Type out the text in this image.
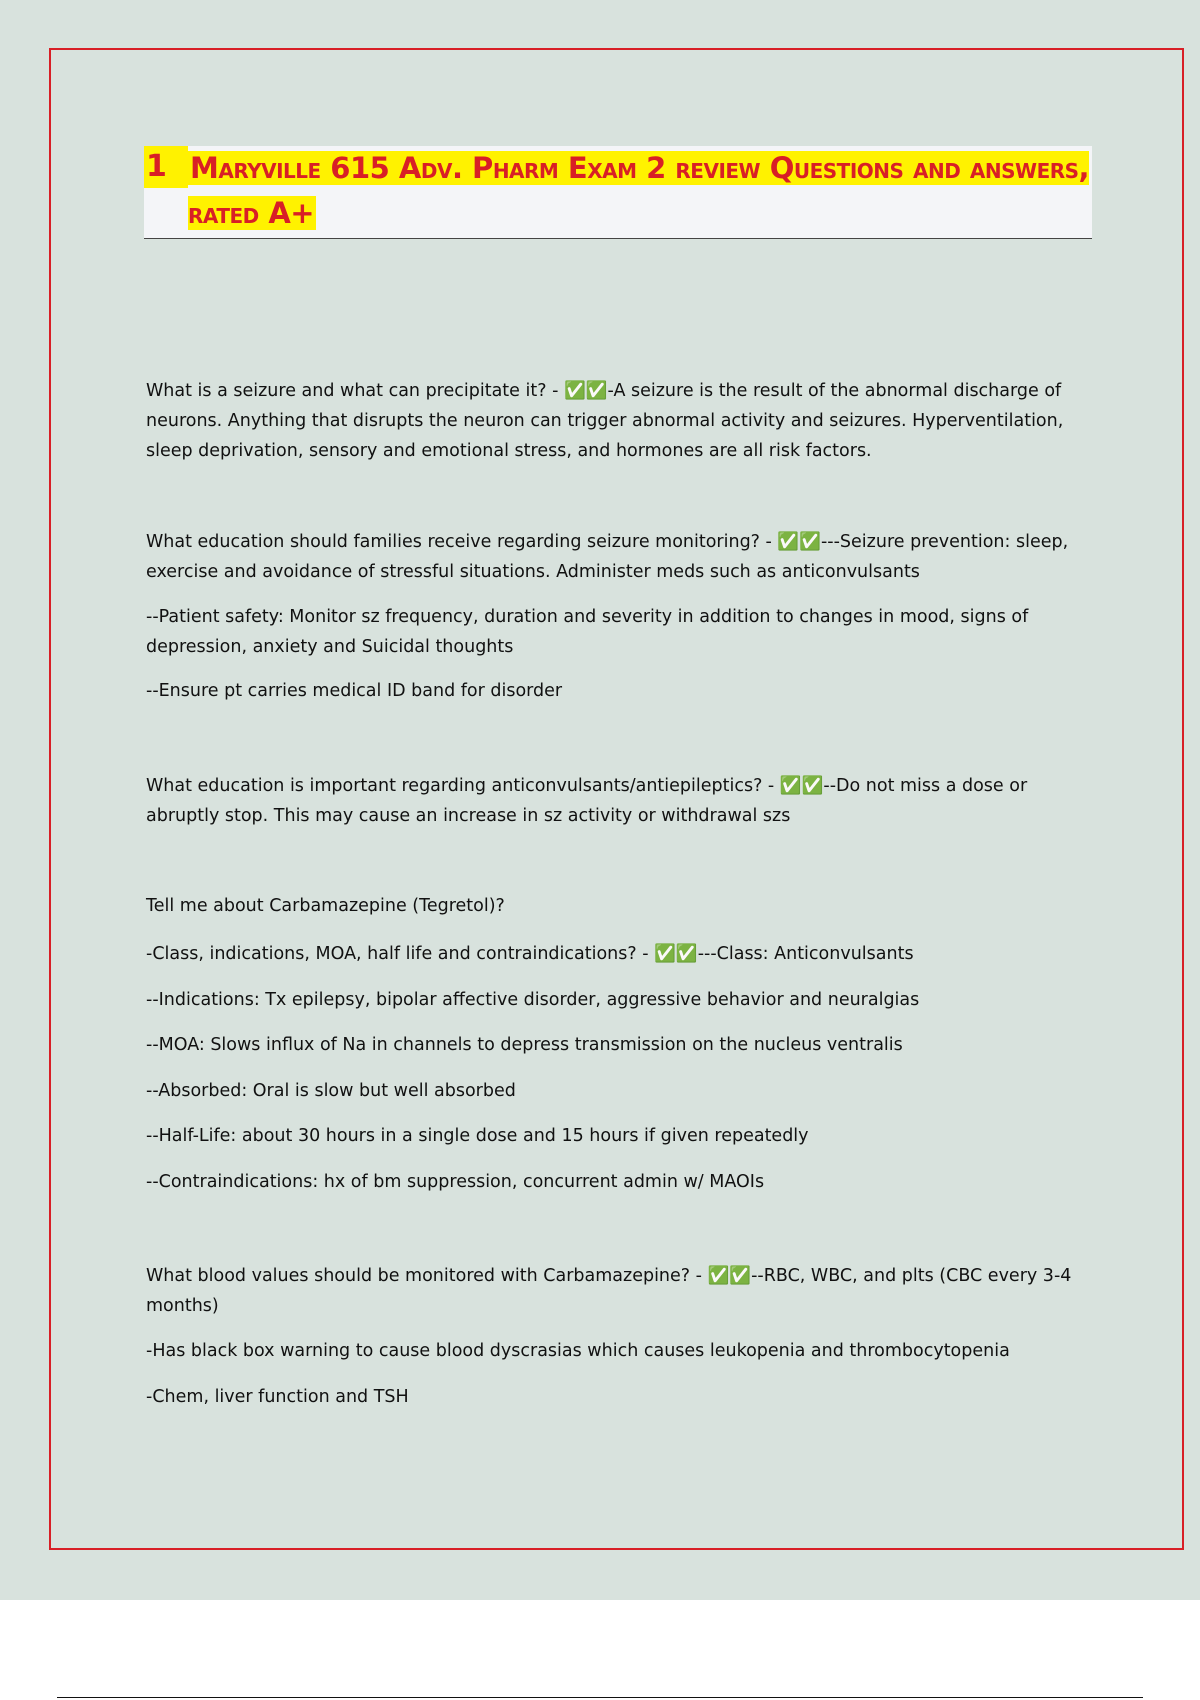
1 Maryville 615 Adv. Pharm Exam 2 review Questions and answers, rated A+

What is a seizure and what can precipitate it? - ✅✅-A seizure is the result of the abnormal discharge of neurons. Anything that disrupts the neuron can trigger abnormal activity and seizures. Hyperventilation, sleep deprivation, sensory and emotional stress, and hormones are all risk factors.

What education should families receive regarding seizure monitoring? - ✅✅---Seizure prevention: sleep, exercise and avoidance of stressful situations. Administer meds such as anticonvulsants

--Patient safety: Monitor sz frequency, duration and severity in addition to changes in mood, signs of depression, anxiety and Suicidal thoughts

--Ensure pt carries medical ID band for disorder

What education is important regarding anticonvulsants/antiepileptics? - ✅✅--Do not miss a dose or abruptly stop. This may cause an increase in sz activity or withdrawal szs

Tell me about Carbamazepine (Tegretol)?

-Class, indications, MOA, half life and contraindications? - ✅✅---Class: Anticonvulsants

--Indications: Tx epilepsy, bipolar affective disorder, aggressive behavior and neuralgias

--MOA: Slows influx of Na in channels to depress transmission on the nucleus ventralis

--Absorbed: Oral is slow but well absorbed

--Half-Life: about 30 hours in a single dose and 15 hours if given repeatedly

--Contraindications: hx of bm suppression, concurrent admin w/ MAOIs

What blood values should be monitored with Carbamazepine? - ✅✅--RBC, WBC, and plts (CBC every 3-4 months)

-Has black box warning to cause blood dyscrasias which causes leukopenia and thrombocytopenia

-Chem, liver function and TSH
